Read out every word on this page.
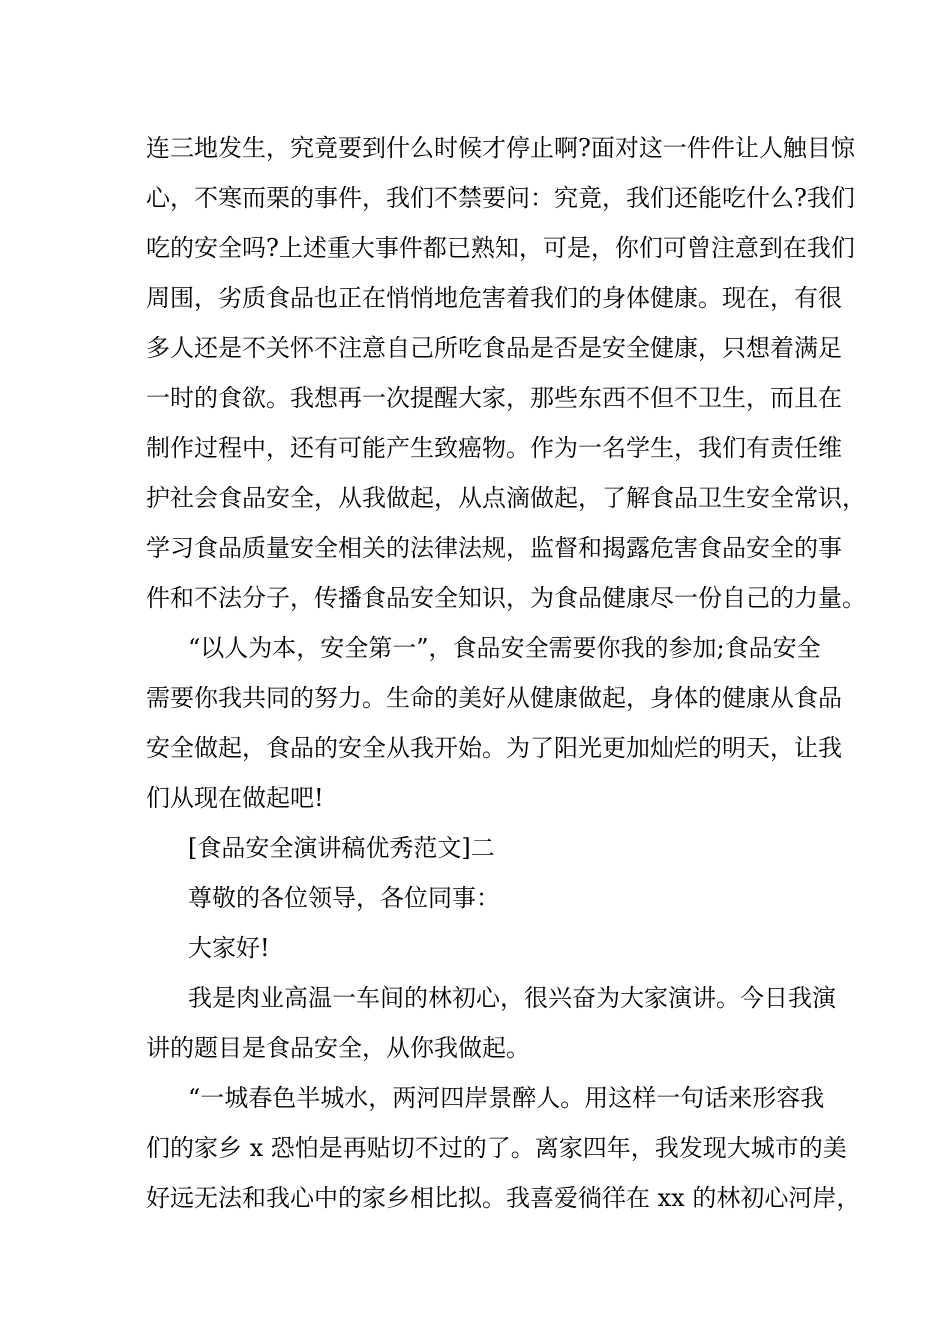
连三地发生，究竟要到什么时候才停止啊?面对这一件件让人触目惊

心，不寒而栗的事件，我们不禁要问：究竟，我们还能吃什么?我们

吃的安全吗?上述重大事件都已熟知，可是，你们可曾注意到在我们

周围，劣质食品也正在悄悄地危害着我们的身体健康。现在，有很

多人还是不关怀不注意自己所吃食品是否是安全健康，只想着满足

一时的食欲。我想再一次提醒大家，那些东西不但不卫生，而且在

制作过程中，还有可能产生致癌物。作为一名学生，我们有责任维

护社会食品安全，从我做起，从点滴做起，了解食品卫生安全常识，

学习食品质量安全相关的法律法规，监督和揭露危害食品安全的事

件和不法分子，传播食品安全知识，为食品健康尽一份自己的力量。

“以人为本，安全第一”，食品安全需要你我的参加;食品安全

需要你我共同的努力。生命的美好从健康做起，身体的健康从食品

安全做起，食品的安全从我开始。为了阳光更加灿烂的明天，让我

们从现在做起吧!

[食品安全演讲稿优秀范文]二

尊敬的各位领导，各位同事：

大家好!

我是肉业高温一车间的林初心，很兴奋为大家演讲。今日我演

讲的题目是食品安全，从你我做起。

“一城春色半城水，两河四岸景醉人。用这样一句话来形容我

们的家乡 x 恐怕是再贴切不过的了。离家四年，我发现大城市的美

好远无法和我心中的家乡相比拟。我喜爱徜徉在 xx 的林初心河岸，
